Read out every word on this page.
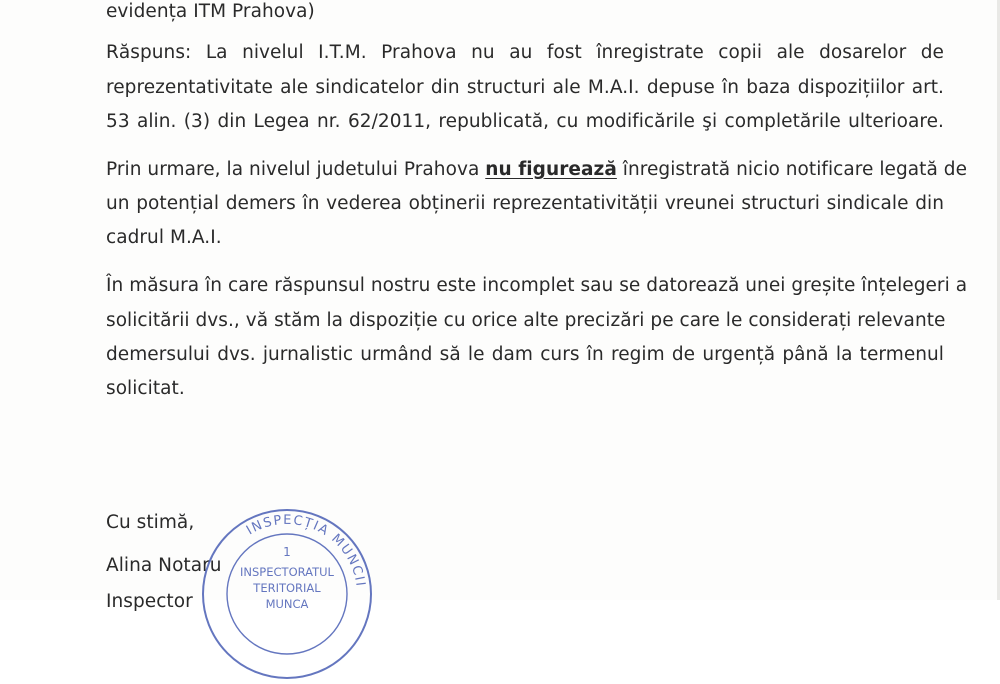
evidența ITM Prahova)
Răspuns: La nivelul I.T.M. Prahova nu au fost înregistrate copii ale dosarelor de
reprezentativitate ale sindicatelor din structuri ale M.A.I. depuse în baza dispozițiilor art.
53 alin. (3) din Legea nr. 62/2011, republicată, cu modificările şi completările ulterioare.
Prin urmare, la nivelul judetului Prahova nu figurează înregistrată nicio notificare legată de
un potențial demers în vederea obținerii reprezentativității vreunei structuri sindicale din
cadrul M.A.I.
În măsura în care răspunsul nostru este incomplet sau se datorează unei greșite înțelegeri a
solicitării dvs., vă stăm la dispoziție cu orice alte precizări pe care le considerați relevante
demersului dvs. jurnalistic urmând să le dam curs în regim de urgență până la termenul
solicitat.
Cu stimă,
Alina Notaru
Inspector
INSPECȚIA MUNCII
1
INSPECTORATUL
TERITORIAL
MUNCA
